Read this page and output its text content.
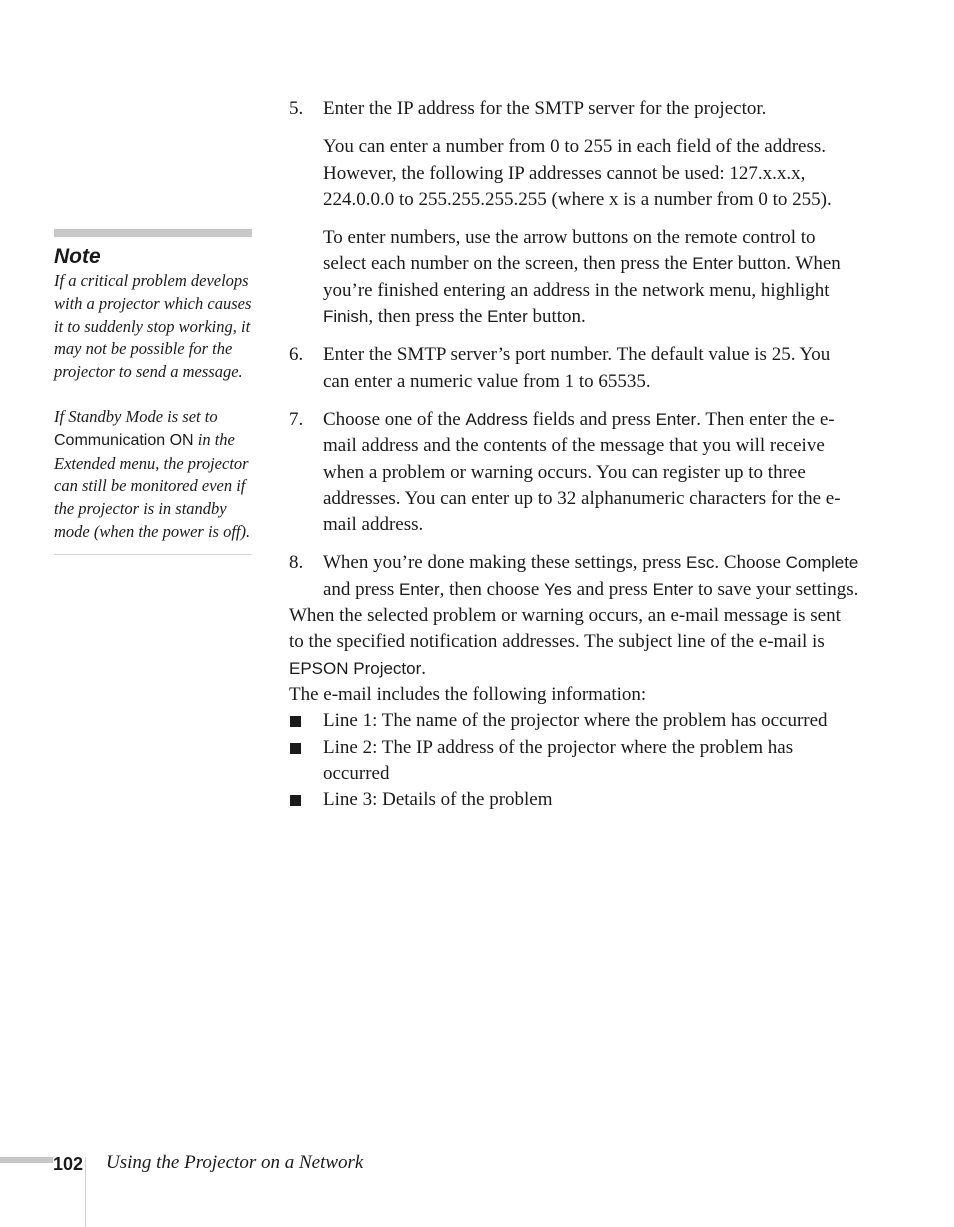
Note

If a critical problem develops with a projector which causes it to suddenly stop working, it may not be possible for the projector to send a message.

If Standby Mode is set to Communication ON in the Extended menu, the projector can still be monitored even if the projector is in standby mode (when the power is off).

5. Enter the IP address for the SMTP server for the projector.

You can enter a number from 0 to 255 in each field of the address. However, the following IP addresses cannot be used: 127.x.x.x, 224.0.0.0 to 255.255.255.255 (where x is a number from 0 to 255).

To enter numbers, use the arrow buttons on the remote control to select each number on the screen, then press the Enter button. When you’re finished entering an address in the network menu, highlight Finish, then press the Enter button.

6. Enter the SMTP server’s port number. The default value is 25. You can enter a numeric value from 1 to 65535.

7. Choose one of the Address fields and press Enter. Then enter the e-mail address and the contents of the message that you will receive when a problem or warning occurs. You can register up to three addresses. You can enter up to 32 alphanumeric characters for the e-mail address.

8. When you’re done making these settings, press Esc. Choose Complete and press Enter, then choose Yes and press Enter to save your settings.

When the selected problem or warning occurs, an e-mail message is sent to the specified notification addresses. The subject line of the e-mail is EPSON Projector.

The e-mail includes the following information:

Line 1: The name of the projector where the problem has occurred

Line 2: The IP address of the projector where the problem has occurred

Line 3: Details of the problem

102 Using the Projector on a Network
